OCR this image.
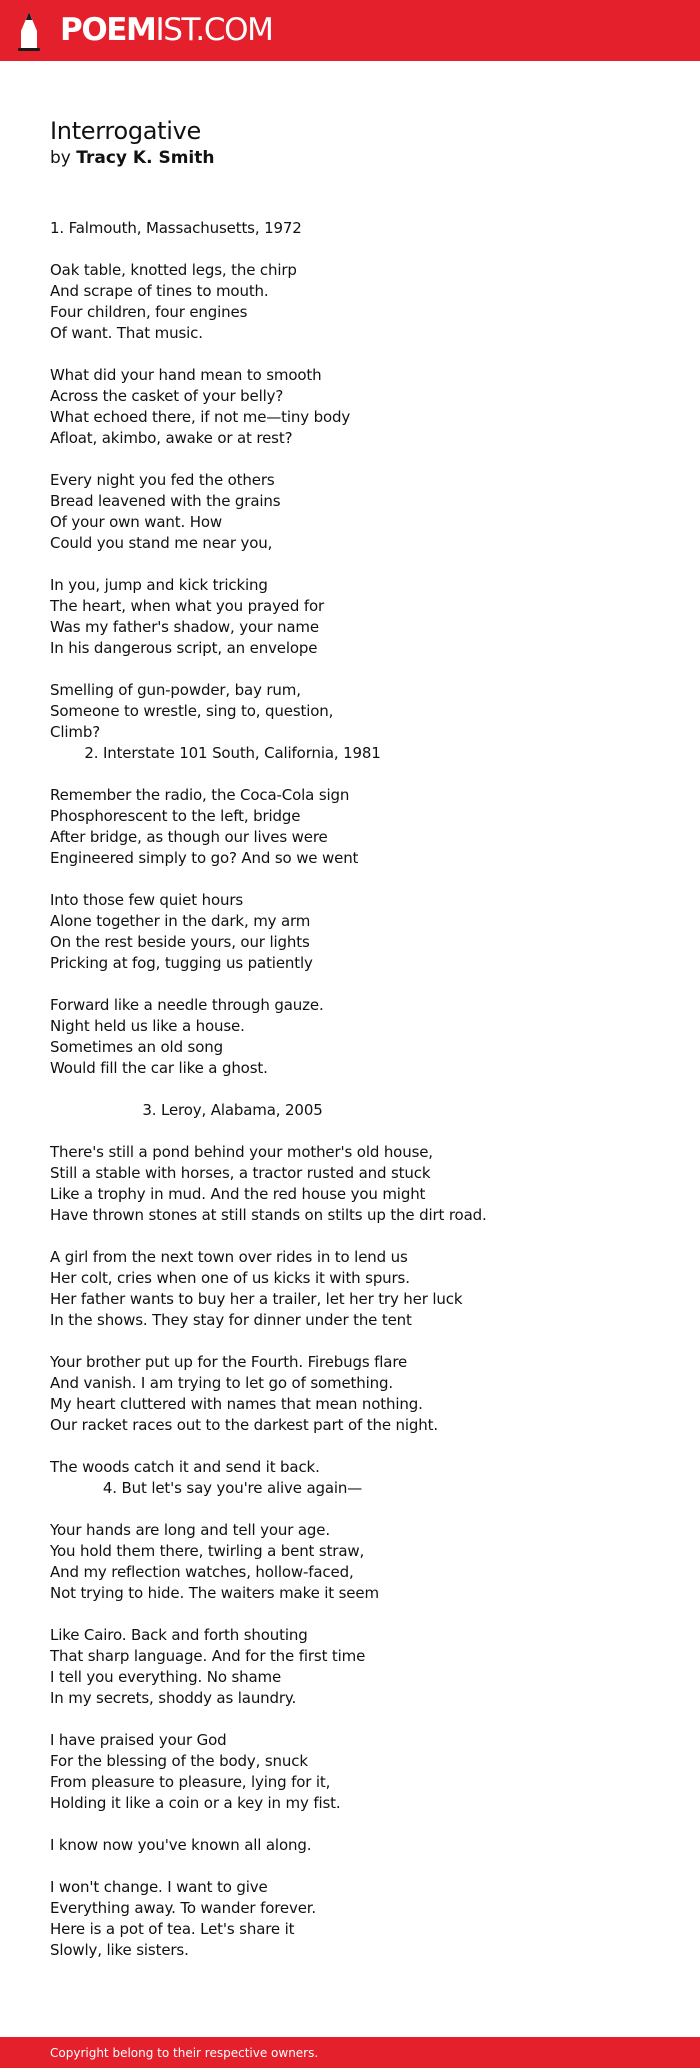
POEMIST.COM
Interrogative
by Tracy K. Smith
1. Falmouth, Massachusetts, 1972
Oak table, knotted legs, the chirp
And scrape of tines to mouth.
Four children, four engines
Of want. That music.
What did your hand mean to smooth
Across the casket of your belly?
What echoed there, if not me—tiny body
Afloat, akimbo, awake or at rest?
Every night you fed the others
Bread leavened with the grains
Of your own want. How
Could you stand me near you,
In you, jump and kick tricking
The heart, when what you prayed for
Was my father's shadow, your name
In his dangerous script, an envelope
Smelling of gun-powder, bay rum,
Someone to wrestle, sing to, question,
Climb?
2. Interstate 101 South, California, 1981
Remember the radio, the Coca-Cola sign
Phosphorescent to the left, bridge
After bridge, as though our lives were
Engineered simply to go? And so we went
Into those few quiet hours
Alone together in the dark, my arm
On the rest beside yours, our lights
Pricking at fog, tugging us patiently
Forward like a needle through gauze.
Night held us like a house.
Sometimes an old song
Would fill the car like a ghost.
3. Leroy, Alabama, 2005
There's still a pond behind your mother's old house,
Still a stable with horses, a tractor rusted and stuck
Like a trophy in mud. And the red house you might
Have thrown stones at still stands on stilts up the dirt road.
A girl from the next town over rides in to lend us
Her colt, cries when one of us kicks it with spurs.
Her father wants to buy her a trailer, let her try her luck
In the shows. They stay for dinner under the tent
Your brother put up for the Fourth. Firebugs flare
And vanish. I am trying to let go of something.
My heart cluttered with names that mean nothing.
Our racket races out to the darkest part of the night.
The woods catch it and send it back.
4. But let's say you're alive again—
Your hands are long and tell your age.
You hold them there, twirling a bent straw,
And my reflection watches, hollow-faced,
Not trying to hide. The waiters make it seem
Like Cairo. Back and forth shouting
That sharp language. And for the first time
I tell you everything. No shame
In my secrets, shoddy as laundry.
I have praised your God
For the blessing of the body, snuck
From pleasure to pleasure, lying for it,
Holding it like a coin or a key in my fist.
I know now you've known all along.
I won't change. I want to give
Everything away. To wander forever.
Here is a pot of tea. Let's share it
Slowly, like sisters.
Copyright belong to their respective owners.
